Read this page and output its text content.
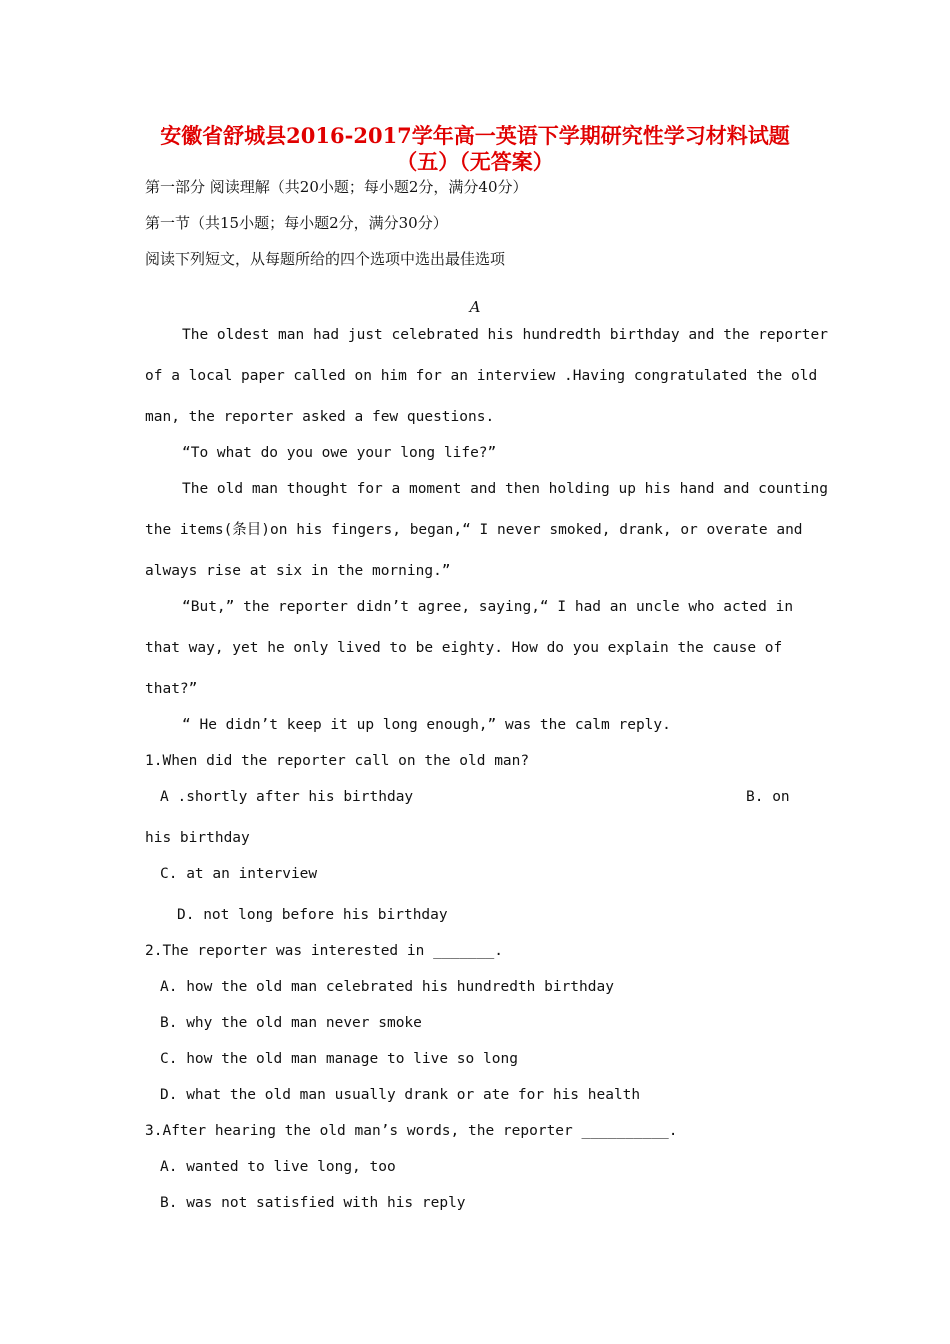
安徽省舒城县2016-2017学年高一英语下学期研究性学习材料试题
（五）（无答案）
第一部分 阅读理解（共20小题；每小题2分，满分40分）
第一节（共15小题；每小题2分，满分30分）
阅读下列短文，从每题所给的四个选项中选出最佳选项
A
The oldest man had just celebrated his hundredth birthday and the reporter
of a local paper called on him for an interview .Having congratulated the old
man, the reporter asked a few questions.
“To what do you owe your long life?”
The old man thought for a moment and then holding up his hand and counting
the items(条目)on his fingers, began,“ I never smoked, drank, or overate and
always rise at six in the morning.”
“But,” the reporter didn’t agree, saying,“ I had an uncle who acted in
that way, yet he only lived to be eighty. How do you explain the cause of
that?”
“ He didn’t keep it up long enough,” was the calm reply.
1.When did the reporter call on the old man?
A .shortly after his birthday	B. on
his birthday
C. at an interview
D. not long before his birthday
2.The reporter was interested in _______.
A. how the old man celebrated his hundredth birthday
B. why the old man never smoke
C. how the old man manage to live so long
D. what the old man usually drank or ate for his health
3.After hearing the old man’s words, the reporter __________.
A. wanted to live long, too
B. was not satisfied with his reply
